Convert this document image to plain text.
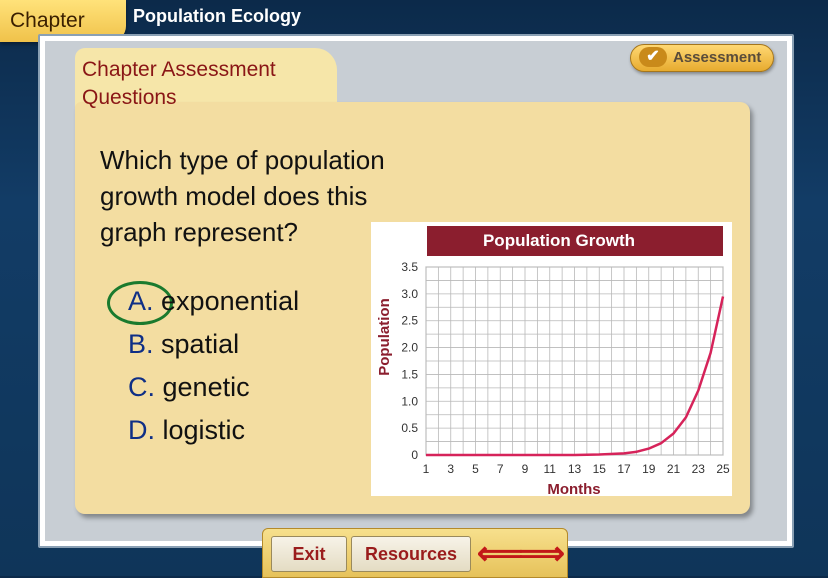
Chapter	Population Ecology
Chapter Assessment
Questions
✔ Assessment
Which type of population
growth model does this
graph represent?
A. exponential
B. spatial
C. genetic
D. logistic
Population Growth
Population
Months
1 3 5 7 9 11 13 15 17 19 21 23 25
0
0.5
1.0
1.5
2.0
2.5
3.0
3.5
Exit	Resources ⟸
⟹
